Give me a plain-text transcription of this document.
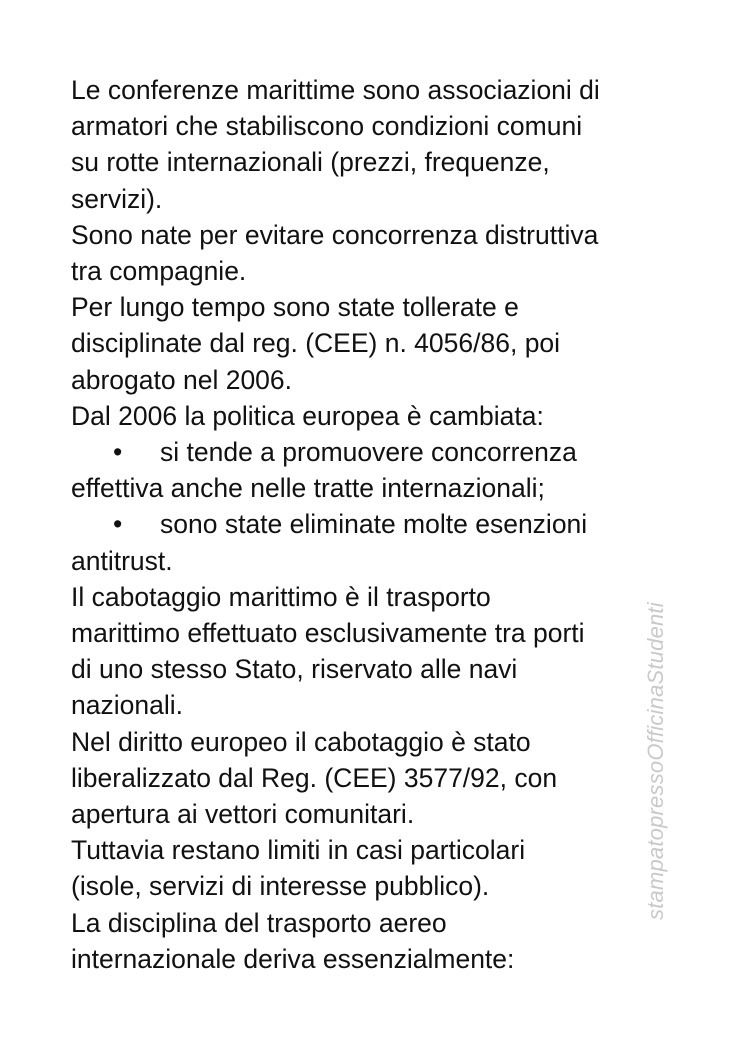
Le conferenze marittime sono associazioni di
armatori che stabiliscono condizioni comuni
su rotte internazionali (prezzi, frequenze,
servizi).
Sono nate per evitare concorrenza distruttiva
tra compagnie.
Per lungo tempo sono state tollerate e
disciplinate dal reg. (CEE) n. 4056/86, poi
abrogato nel 2006.
Dal 2006 la politica europea è cambiata:
• si tende a promuovere concorrenza
effettiva anche nelle tratte internazionali;
• sono state eliminate molte esenzioni
antitrust.
Il cabotaggio marittimo è il trasporto
marittimo effettuato esclusivamente tra porti
di uno stesso Stato, riservato alle navi
nazionali.
Nel diritto europeo il cabotaggio è stato
liberalizzato dal Reg. (CEE) 3577/92, con
apertura ai vettori comunitari.
Tuttavia restano limiti in casi particolari
(isole, servizi di interesse pubblico).
La disciplina del trasporto aereo
internazionale deriva essenzialmente:
stampatopressoOfficinaStudenti
